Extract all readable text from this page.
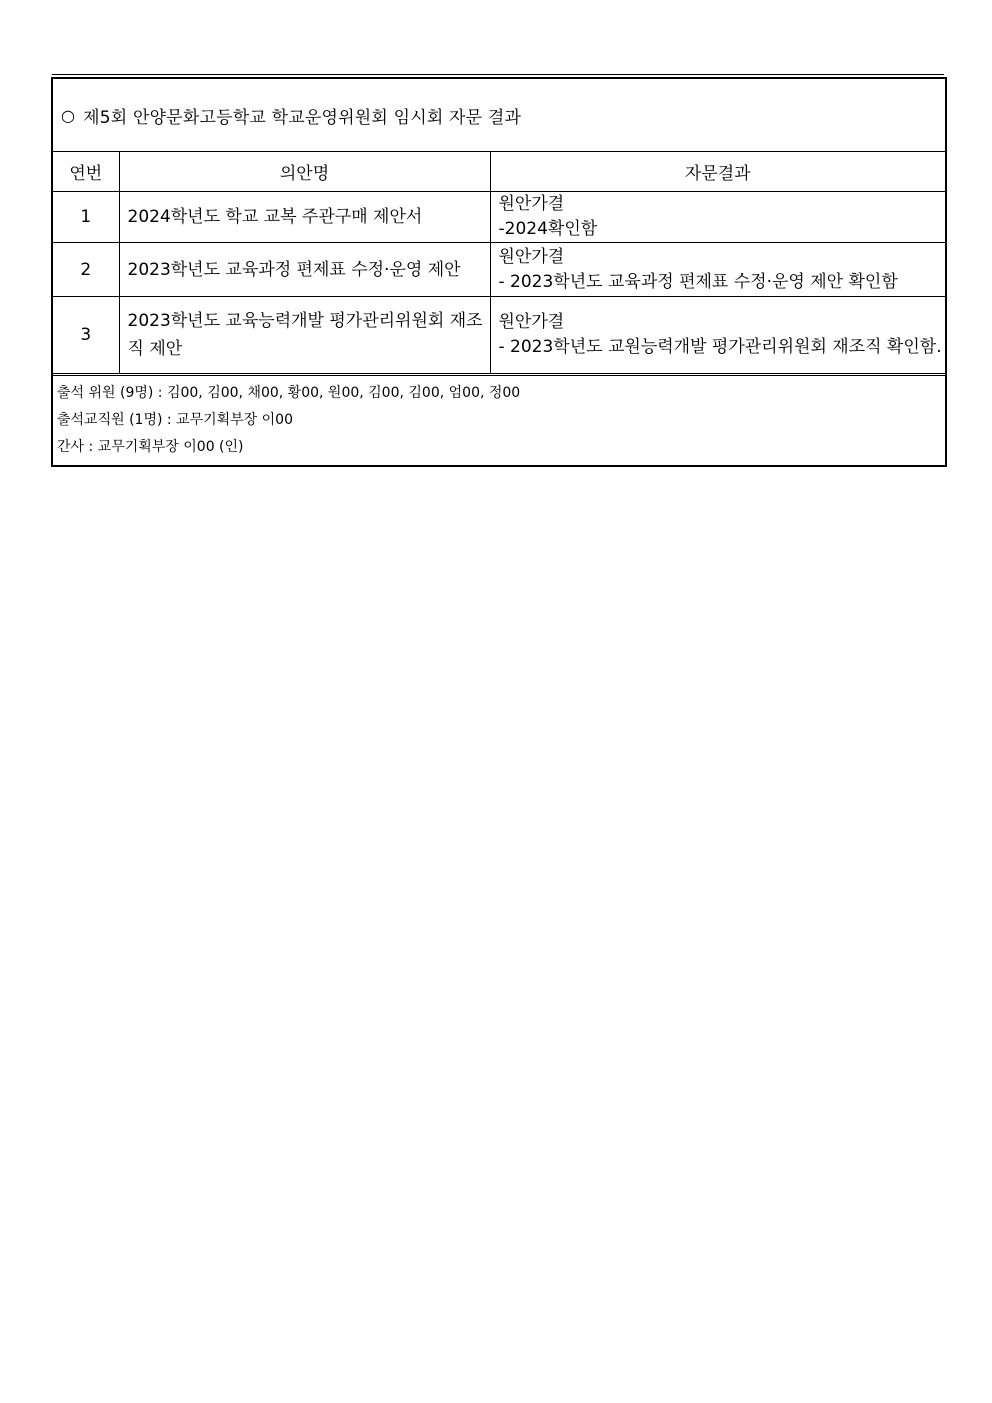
○ 제5회 안양문화고등학교 학교운영위원회 임시회 자문 결과
연번	의안명	자문결과
1	2024학년도 학교 교복 주관구매 제안서	원안가결
-2024확인함

2	2023학년도 교육과정 편제표 수정·운영 제안	원안가결
- 2023학년도 교육과정 편제표 수정·운영 제안 확인함

3	2023학년도 교육능력개발 평가관리위원회 재조직 제안	원안가결
- 2023학년도 교원능력개발 평가관리위원회 재조직 확인함.
출석 위원 (9명) : 김00, 김00, 채00, 황00, 원00, 김00, 김00, 엄00, 정00
출석교직원 (1명) : 교무기획부장 이00
간사 : 교무기획부장 이00 (인)
